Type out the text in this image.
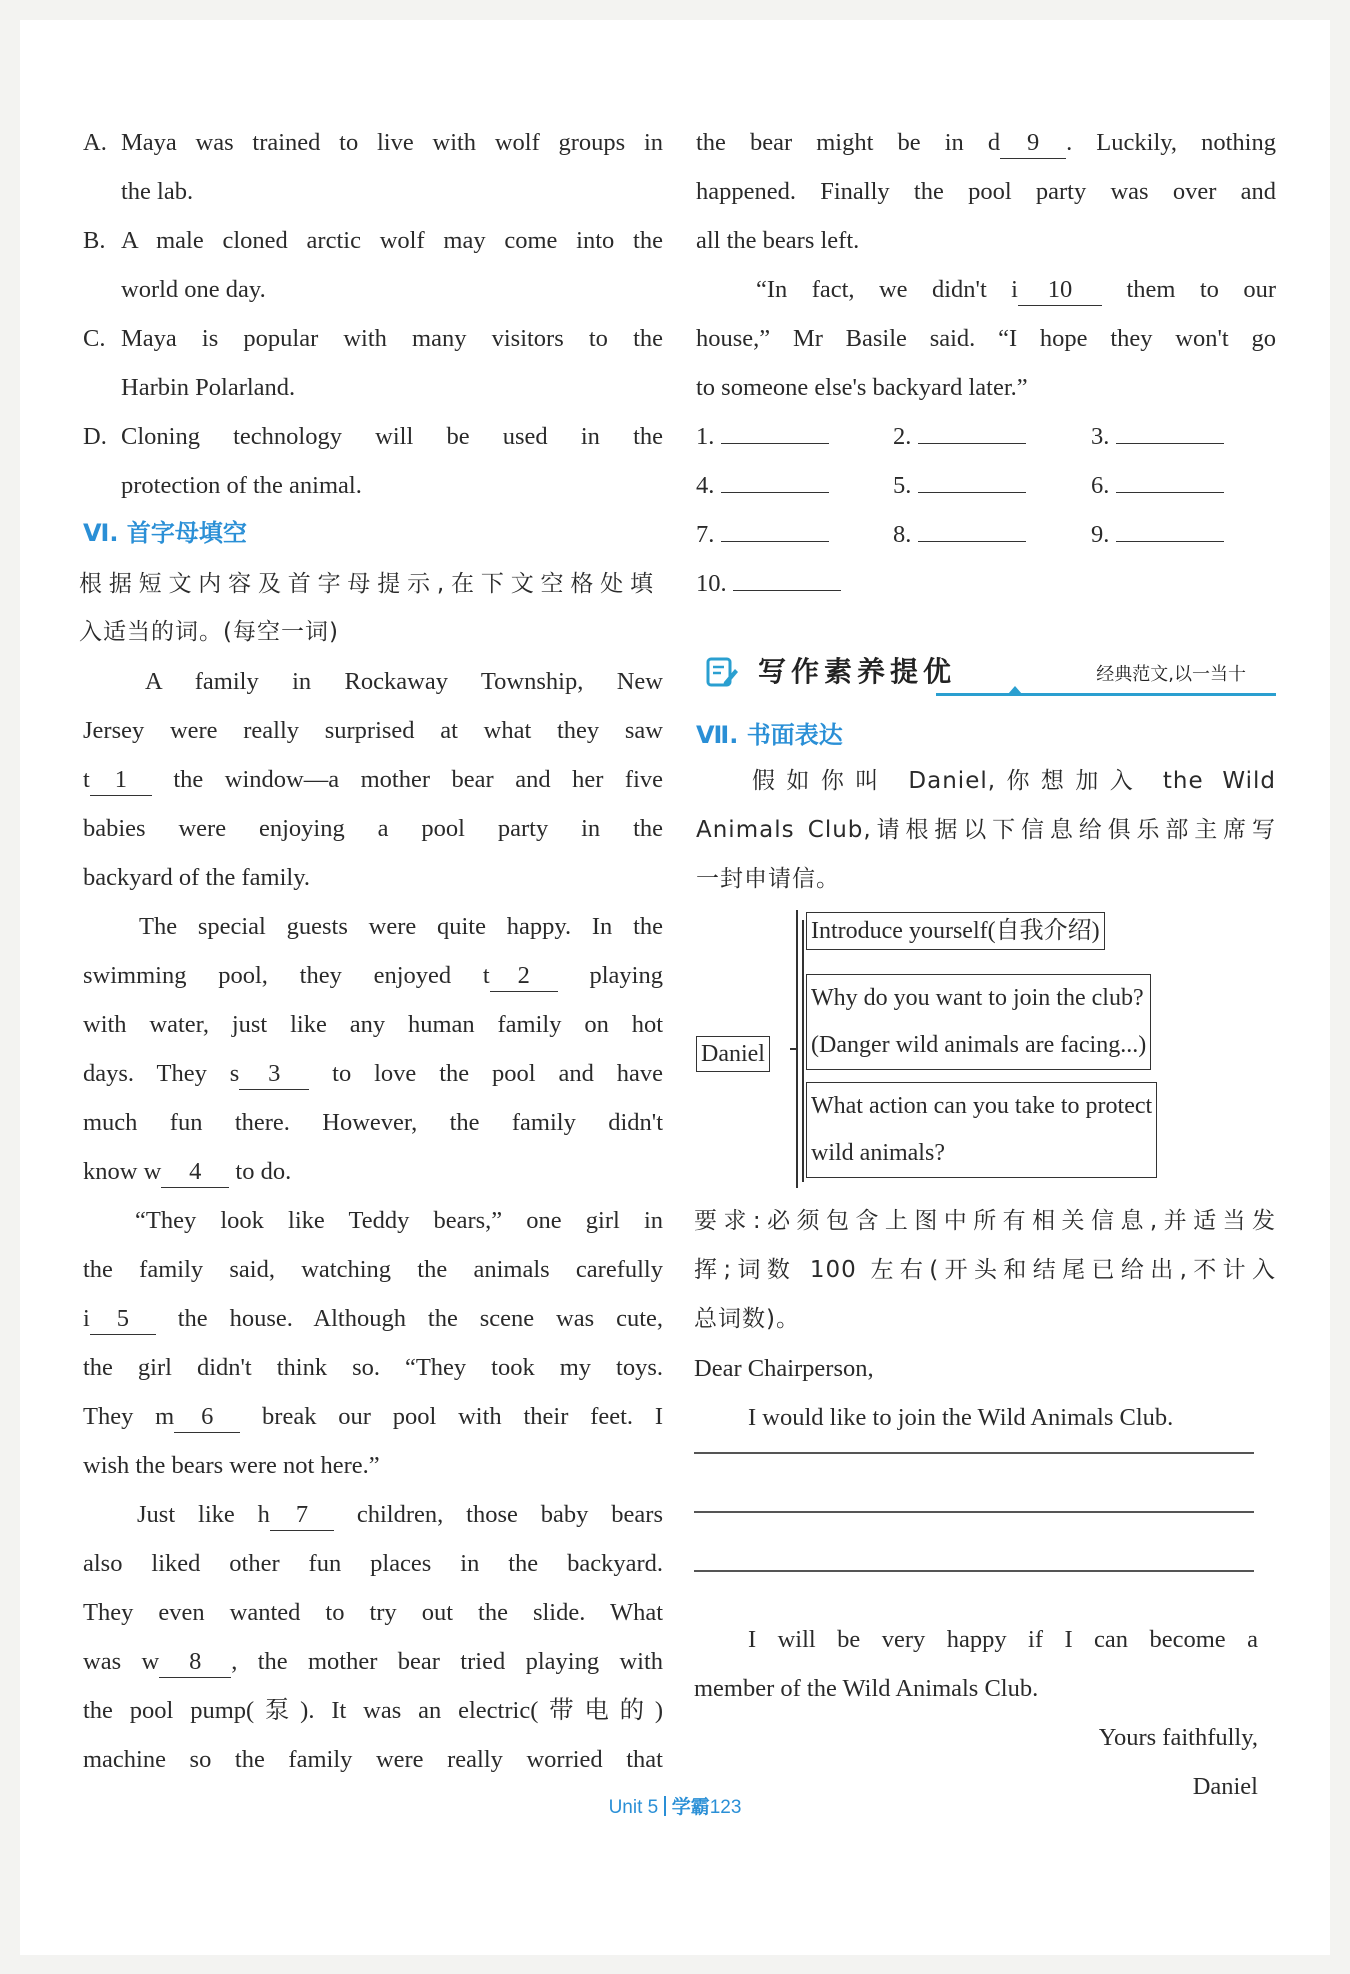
A. Maya was trained to live with wolf groups in
the lab.
B. A male cloned arctic wolf may come into the
world one day.
C. Maya is popular with many visitors to the
Harbin Polarland.
D. Cloning technology will be used in the
protection of the animal.
Ⅵ. 首字母填空
根据短文内容及首字母提示,在下文空格处填
入适当的词。(每空一词)
A family in Rockaway Township, New
Jersey were really surprised at what they saw
t 1 the window—a mother bear and her five
babies were enjoying a pool party in the
backyard of the family.
The special guests were quite happy. In the
swimming pool, they enjoyed t 2 playing
with water, just like any human family on hot
days. They s 3 to love the pool and have
much fun there. However, the family didn't
know w 4 to do.
“They look like Teddy bears,” one girl in
the family said, watching the animals carefully
i 5 the house. Although the scene was cute,
the girl didn't think so. “They took my toys.
They m 6 break our pool with their feet. I
wish the bears were not here.”
Just like h 7 children, those baby bears
also liked other fun places in the backyard.
They even wanted to try out the slide. What
was w 8 , the mother bear tried playing with
the pool pump(泵). It was an electric(带电的)
machine so the family were really worried that
the bear might be in d 9 . Luckily, nothing
happened. Finally the pool party was over and
all the bears left.
“In fact, we didn't i 10 them to our
house,” Mr Basile said. “I hope they won't go
to someone else's backyard later.”
1.	2.	3.
4.	5.	6.
7.	8.	9.
10.
写作素养提优	经典范文,以一当十
Ⅶ. 书面表达
假如你叫 Daniel,你想加入 the Wild
Animals Club,请根据以下信息给俱乐部主席写
一封申请信。
Daniel
Introduce yourself(自我介绍)
Why do you want to join the club?
(Danger wild animals are facing...)
What action can you take to protect
wild animals?
要求:必须包含上图中所有相关信息,并适当发
挥;词数 100 左右(开头和结尾已给出,不计入
总词数)。
Dear Chairperson,
I would like to join the Wild Animals Club.
I will be very happy if I can become a
member of the Wild Animals Club.
Yours faithfully,
Daniel
Unit 5 学霸123
